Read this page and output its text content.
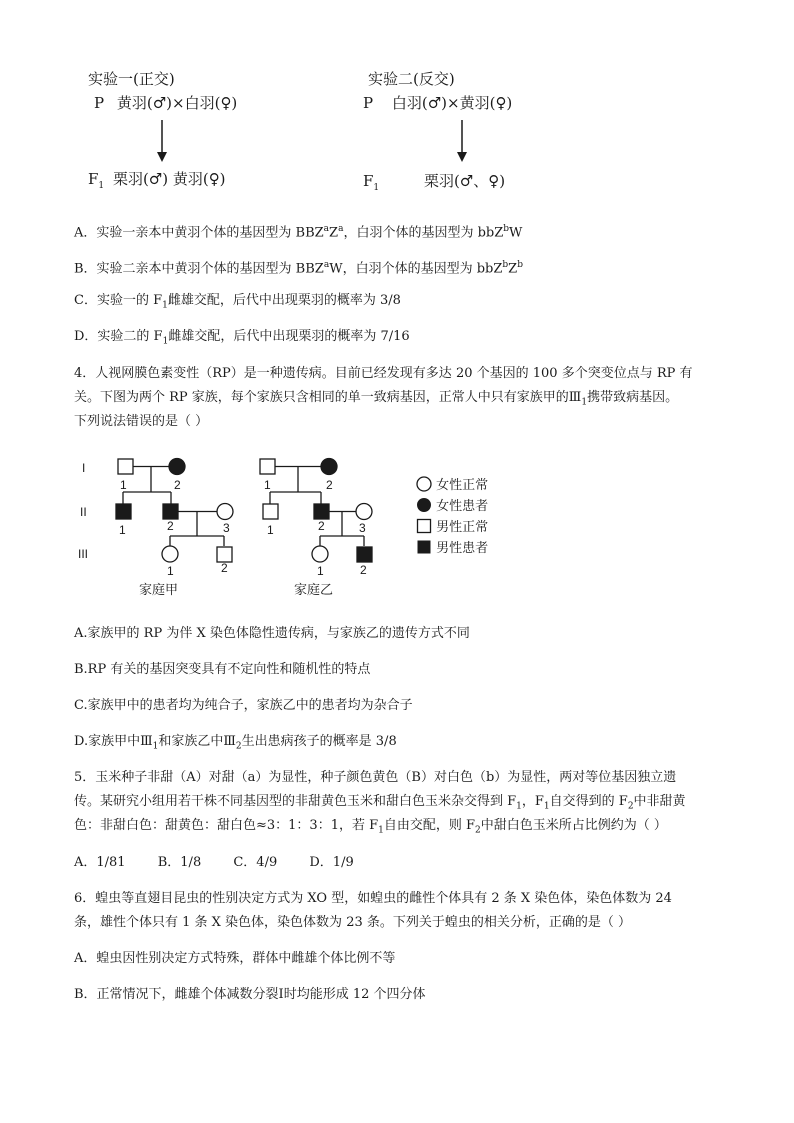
实验一(正交)
P 黄羽(♂)×白羽(♀)
$F_1$ 栗羽(♂) 黄羽(♀)
实验二(反交)
P 白羽(♂)×黄羽(♀)
$F_1$	栗羽(♂、♀)
A．实验一亲本中黄羽个体的基因型为 $BBZ^aZ^a$，白羽个体的基因型为 bbZ$^b$W
B．实验二亲本中黄羽个体的基因型为 BBZ$^a$W，白羽个体的基因型为 $bbZ^bZ^b$
C．实验一的 $F_1$雌雄交配，后代中出现栗羽的概率为 3/8
D．实验二的 $F_1$雌雄交配，后代中出现栗羽的概率为 7/16
4．人视网膜色素变性（RP）是一种遗传病。目前已经发现有多达 20 个基因的 100 多个突变位点与 RP 有
关。下图为两个 RP 家族，每个家族只含相同的单一致病基因，正常人中只有家族甲的$Ⅲ_1$携带致病基因。
下列说法错误的是（ ）
I
II
III
1	2
1	2	3
1	2
1	2
1	2	3
1	2
家庭甲	家庭乙
女性正常
女性患者
男性正常
男性患者
A.家族甲的 RP 为伴 X 染色体隐性遗传病，与家族乙的遗传方式不同
B.RP 有关的基因突变具有不定向性和随机性的特点
C.家族甲中的患者均为纯合子，家族乙中的患者均为杂合子
D.家族甲中$Ⅲ_1$和家族乙中$Ⅲ_2$生出患病孩子的概率是 3/8
5．玉米种子非甜（A）对甜（a）为显性，种子颜色黄色（B）对白色（b）为显性，两对等位基因独立遗
传。某研究小组用若干株不同基因型的非甜黄色玉米和甜白色玉米杂交得到 $F_1$，$F_1$自交得到的 $F_2$中非甜黄
色：非甜白色：甜黄色：甜白色≈3：1：3：1，若 $F_1$自由交配，则 $F_2$中甜白色玉米所占比例约为（ ）
A．1/81 B．1/8 C．4/9 D．1/9
6．蝗虫等直翅目昆虫的性别决定方式为 XO 型，如蝗虫的雌性个体具有 2 条 X 染色体，染色体数为 24
条，雄性个体只有 1 条 X 染色体，染色体数为 23 条。下列关于蝗虫的相关分析，正确的是（ ）
A．蝗虫因性别决定方式特殊，群体中雌雄个体比例不等
B．正常情况下，雌雄个体减数分裂Ⅰ时均能形成 12 个四分体
